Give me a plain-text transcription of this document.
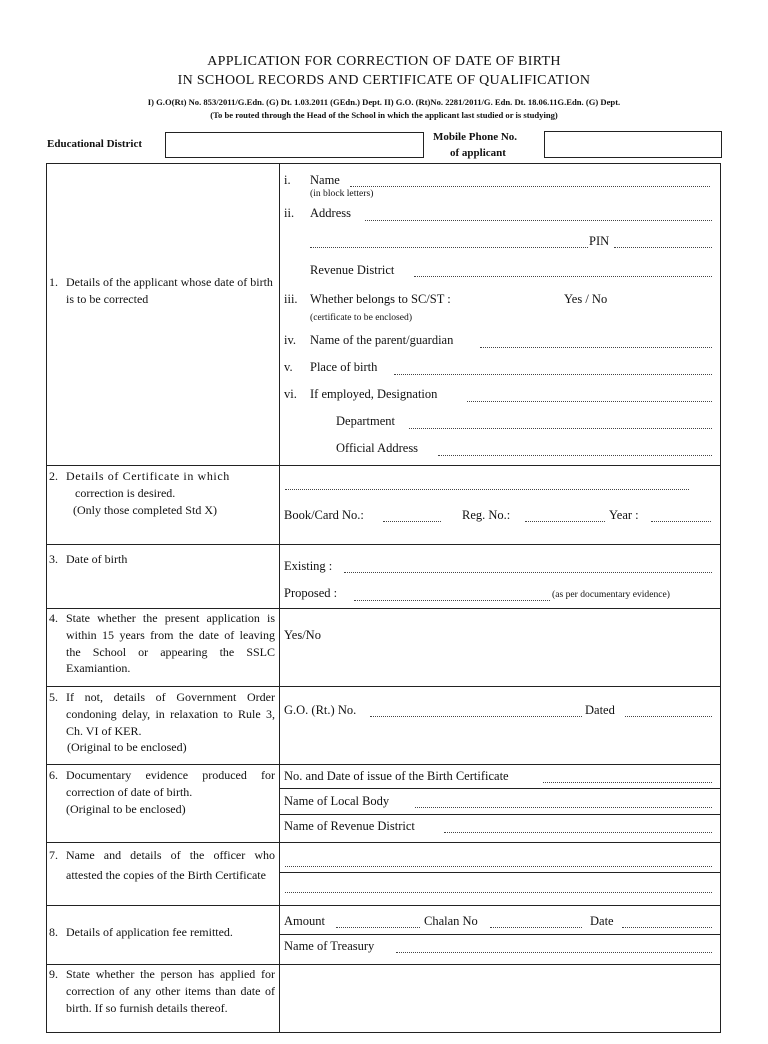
APPLICATION FOR CORRECTION OF DATE OF BIRTH
IN SCHOOL RECORDS AND CERTIFICATE OF QUALIFICATION
I) G.O(Rt) No. 853/2011/G.Edn. (G) Dt. 1.03.2011 (GEdn.) Dept. II) G.O. (Rt)No. 2281/2011/G. Edn. Dt. 18.06.11G.Edn. (G) Dept.
(To be routed through the Head of the School in which the applicant last studied or is studying)
Educational District
Mobile Phone No.
of applicant
1. Details of the applicant whose date of birth is to be corrected
i. Name
(in block letters)
ii. Address
PIN
Revenue District
iii. Whether belongs to SC/ST :	Yes / No
(certificate to be enclosed)
iv. Name of the parent/guardian
v. Place of birth
vi. If employed, Designation
Department
Official Address
2. Details of Certificate in which
correction is desired.
(Only those completed Std X)	Book/Card No.:	Reg. No.:	Year :
3. Date of birth	Existing :
Proposed :	(as per documentary evidence)
4. State whether the present application is within 15 years from the date of leaving the School or appearing the SSLC Examiantion.
Yes/No
5. If not, details of Government Order condoning delay, in relaxation to Rule 3, Ch. VI of KER.
(Original to be enclosed)
G.O. (Rt.) No.	Dated
6. Documentary evidence produced for correction of date of birth.
(Original to be enclosed)
No. and Date of issue of the Birth Certificate
Name of Local Body
Name of Revenue District
7. Name and details of the officer who attested the copies of the Birth Certificate
8. Details of application fee remitted.
Amount	Chalan No	Date
Name of Treasury
9. State whether the person has applied for correction of any other items than date of birth. If so furnish details thereof.
